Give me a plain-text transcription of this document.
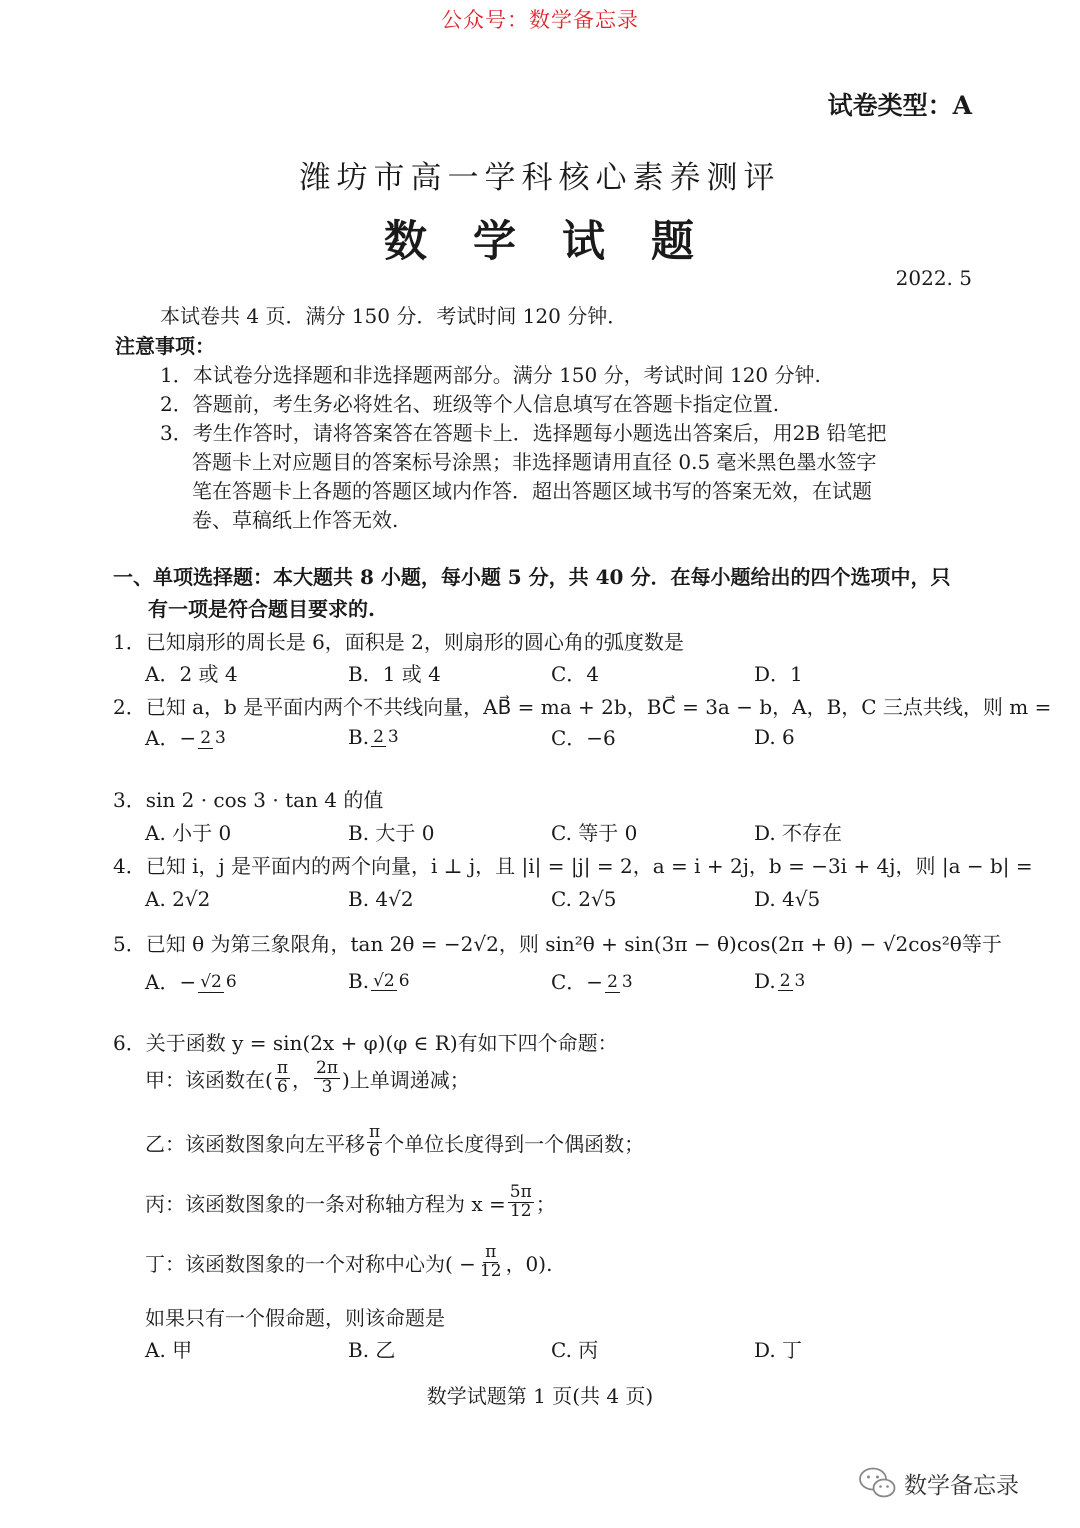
公众号：数学备忘录
试卷类型：A
潍坊市高一学科核心素养测评
数 学 试 题
2022. 5
本试卷共 4 页．满分 150 分．考试时间 120 分钟．
注意事项：
1．本试卷分选择题和非选择题两部分。满分 150 分，考试时间 120 分钟.
2．答题前，考生务必将姓名、班级等个人信息填写在答题卡指定位置.
3．考生作答时，请将答案答在答题卡上．选择题每小题选出答案后，用2B 铅笔把
答题卡上对应题目的答案标号涂黑；非选择题请用直径 0.5 毫米黑色墨水签字
笔在答题卡上各题的答题区域内作答．超出答题区域书写的答案无效，在试题
卷、草稿纸上作答无效.
一、单项选择题：本大题共 8 小题，每小题 5 分，共 40 分．在每小题给出的四个选项中，只
有一项是符合题目要求的.
1．已知扇形的周长是 6，面积是 2，则扇形的圆心角的弧度数是
A．2 或 4	B．1 或 4	C．4	D．1
2．已知 a，b 是平面内两个不共线向量，AB⃗ = ma + 2b，BC⃗ = 3a − b，A，B，C 三点共线，则 m =
A．− 2 3	B. 2 3	C．−6	D. 6
3．sin 2 · cos 3 · tan 4 的值
A. 小于 0	B. 大于 0	C. 等于 0	D. 不存在
4．已知 i，j 是平面内的两个向量，i ⊥ j，且 |i| = |j| = 2，a = i + 2j，b = −3i + 4j，则 |a − b| =
A. 2√2	B. 4√2	C. 2√5	D. 4√5
5．已知 θ 为第三象限角，tan 2θ = −2√2，则 sin²θ + sin(3π − θ)cos(2π + θ) − √2cos²θ等于
A．− √2 6	B. √2 6	C．− 2 3	D. 2 3
6．关于函数 y = sin(2x + φ)(φ ∈ R)有如下四个命题：
甲：该函数在( $\frac{\pi}{6}$ ， $\frac{2\pi}{3}$ )上单调递减；
乙：该函数图象向左平移 $\frac{\pi}{6}$ 个单位长度得到一个偶函数；
丙：该函数图象的一条对称轴方程为 $x = \frac{5\pi}{12}$ ；
丁：该函数图象的一个对称中心为( − $\frac{\pi}{12}$ ，0).
如果只有一个假命题，则该命题是
A. 甲	B. 乙	C. 丙	D. 丁
数学试题第 1 页(共 4 页)
数学备忘录
